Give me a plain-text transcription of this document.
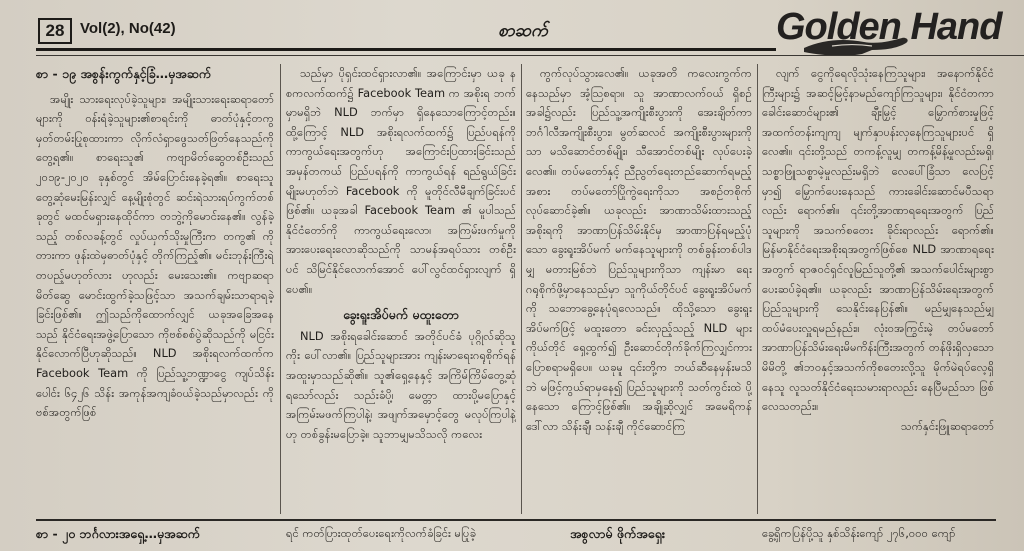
28	Vol(2), No(42)	စာဆက်	Golden Hand

စာ - ၁၉ အစွန်းကွက်နှင့်ခြံ…မှအဆက်

အမျိုး သားရေးလုပ်ခဲ့သူများ၊ အမျိုးသားရေးဆရာတော်များကို ဝန်းရံခဲ့သူများ၏စာရင်းကို ဓာတ်ပုံနှင့်တကွ မှတ်တမ်းပြုစုထားကာ လိုက်လံရှာဖွေသတ်ဖြတ်နေသည်ကို တွေ့ရ၏။ စာရေးသူ၏ ကဗျာမိတ်ဆွေတစ်ဦးသည် ၂၀၁၉-၂၀၂၀ ခုနှစ်တွင် အိမ်ပြောင်းနေခဲ့ရ၏။ စာရေးသူ တွေ့ဆုံမေးမြန်းလျှင် နေ့မျိုးစုံတွင် ဆင်းရဲသားရပ်ကွက်တစ်ခုတွင် မထင်မရှားနေထိုင်ကာ တဘွဲ့ကိုမောင်းနေ၏။ လွန်ခဲ့သည့် တစ်လခန့်တွင် လှုပ်ယှက်သိုးမှုကြီးက တကွ၏ ကိုတားကာ ဖုန်းထဲမှဓာတ်ပုံနှင့် တိုက်ကြည့်၏။ မင်းဘုန်းကြီးရဲ့ တပည့်မဟုတ်လား ဟုလည်း မေးသေး၏။ ကဗျာဆရာမိတ်ဆွေ မောင်းထွက်ခဲ့သဖြင့်သာ အသက်ချမ်းသာရာရခဲ့ခြင်းဖြစ်၏။ ဤသည်ကိုထောက်လျှင် ယခုအခြေအနေသည် နိုင်ငံရေးအဖွဲ့ပြောသော ကိုဗစ်စစ်ပွဲဆိုသည်ကို မငြင်းနိုင်လောက်ပြီဟုဆိုသည်။ NLD အစိုးရလက်ထက်က Facebook Team ကို ပြည်သူ့ဘဏ္ဍာငွေ ကျပ်သိန်းပေါင်း ၆၄၂၆ သိန်း အကုန်အကျခံဝယ်ခဲ့သည်မှာလည်း ကိုဗစ်အတွက်ဖြစ်

သည်မှာ ပိုရှင်းထင်ရှားလာ၏။ အကြောင်းမှာ ယခု နစကလက်ထက်၌ Facebook Team က အစိုးရ ဘက်မှာမရှိဘဲ NLD ဘက်မှာ ရှိနေသောကြောင့်တည်း။ ထို့ကြောင့် NLD အစိုးရလက်ထက်၌ ပြည်ပရန်ကို ကာကွယ်ရေးအတွက်ဟု အကြောင်းပြထားခြင်းသည် အမှန်တကယ် ပြည်ပရန်ကို ကာကွယ်ရန် ရည်ရွယ်ခြင်းမျိုးမဟုတ်ဘဲ Facebook ကို မူတိုင်လီမီချက်ခြင်းပင်ဖြစ်၏။ ယခုအခါ Facebook Team ၏ မူပါသည် နိုင်ငံတော်ကို ကာကွယ်ရေးလော၊ အကြမ်းဖက်မှုကို အားပေးရေးလောဆိုသည်ကို သာမန်အရပ်သား တစ်ဦးပင် သိမြင်နိုင်လောက်အောင် ပေါ်လွင်ထင်ရှားလျက် ရှိပေ၏။

ခွေးရူးအိပ်မက် မထူးတော

NLD အစိုးရခေါင်းဆောင် အတိုင်ပင်ခံ ပုဂ္ဂိုလ်ဆိုသူကိုး ပေါ်လာ၏။ ပြည်သူများအား ကျန်းမာရေးဂရုစိုက်ရန် အထူးမှာသည်ဆို၏။ သူ၏ရှေ့နေနှင့် အကြိမ်ကြိမ်တွေ့ဆုံ ရသော်လည်း သည်းခံပို့၊ မေတ္တာ ထားပို့မပြောနှင့် အကြမ်းမဖက်ကြပါနဲ့၊ အဖျက်အမှောင့်တွေ မလုပ်ကြပါနဲ့ ဟု တစ်ခွန်းမပြောခဲ့။ သူဘာမျှမသိသလို ကလေး

ကွက်လုပ်သွားလေ၏။ ယခုအတိ ကလေးကွက်ကနေသည်မှာ အံ့သြစရာ။ သူ အာဏာလက်ဝယ် ရှိစဉ်အခါ၌လည်း ပြည်သူ့အကျိုးစီးပွားကို အေးချိတ်ကာ ဘင်္ဂါလီအကျိုးစီးပွား၊ မွတ်ဆလင် အကျိုးစီးပွားများကိုသာ မသိဆောင်တစ်မျိုး၊ သီအောင်တစ်မျိုး လုပ်ပေးခဲ့လေ၏။ တပ်မတော်နှင့် ညီညွတ်ရေးတည်ဆောက်ရမည့်အစား တပ်မတော်ပြိုကွဲရေးကိုသာ အစဉ်တစိုက် လုပ်ဆောင်ခဲ့၏။ ယခုလည်း အာဏာသိမ်းထားသည့်အစိုးရကို အာဏာပြန်သိမ်းနိုင်မှ အာဏာပြန်ရမည့်ပုံသော ခွေးရူးအိပ်မက် မက်နေသူများကို တစ်ခွန်းတစ်ပါဒမျှ မတားမြစ်ဘဲ ပြည်သူများကိုသာ ကျန်းမာ ရေးဂရုစိုက်ဖို့မှာနေသည်မှာ သူကိုယ်တိုင်ပင် ခွေးရူးအိပ်မက်ကို သဘောခွေ့နေပုံရလေသည်။ ထိုသို့သော ခွေးရူးအိပ်မက်ဖြင့် မထူးတော ခင်းလှည့်သည့် NLD များကိုယ်တိုင် ရှေ့ထွက်၍ ဦးဆောင်တိုက်ခိုက်ကြလျှင်ကား ပြောစရာမရှိပေ။ ယခုမူ ၎င်းတို့က ဘယ်ဆီနေမှန်းမသိဘဲ မဖြင့်ကွယ်ရာမှနေ၍ ပြည်သူများကို သတ်ကွင်းထဲ ပို့နေသော ကြောင့်ဖြစ်၏။ အချို့ဆိုလျှင် အမေရိကန်ဒေါ်လာ သိန်းချီ၊ သန်းချီ ကိုင်ဆောင်ကြ

လျက် ငွေကိုရေလိုသုံးနေကြသူများ၊ အနောက်နိုင်ငံကြီးများ၌ အဆင့်မြင့်နာမည်ကျော်ကြသူများ၊ နိုင်ငံတကာခေါင်းဆောင်များ၏ ချီးမြှင့် မြှောက်စားမှုဖြင့် အထက်တန်းကျကျ မျက်နှာပန်းလှနေကြသူများပင် ရှိလေ၏။ ၎င်းတို့သည် တကန့်လူမျှ တကန့်မိန့်မှုလည်းမရှိ၊ သစ္စာဖြူသစ္စာမဲ့မှုလည်းမရှိဘဲ လေပေါ်ခြံသာ လေပြင့်မှာ၍ မြှောက်ပေးနေသည် ကားခေါင်းဆောင်မပီသရာလည်း ရောက်၏။ ၎င်းတို့အာဏာရရေးအတွက် ပြည်သူများကို အသက်စတေး ခိုင်းရာလည်း ရောက်၏။ မြန်မာနိုင်ငံရေးအစိုးရအတွက်ဖြစ်စေ NLD အာဏာရရေးအတွက် ရာဇဝင်ရှင်လူမြည်သူတို့၏ အသက်ပေါင်းများစွာ ပေးဆပ်ခဲ့ရ၏။ ယခုလည်း အာဏာပြန်သိမ်းရေးအတွက် ပြည်သူများကို သေနိုင်းနေပြန်၏။ မည်မျှနေသည်မျှ ထပ်မံပေးလှူရမည်နည်း။ လုံးဝအကြွင်းမဲ့ တပ်မတော်အာဏာပြန်သိမ်းရေးမိမကိန်းကြီးအတွက် တန်ဖိုးရှိလှသော မိမိတို့ ၏ဘဝနှင့်အသက်ကိုစတေးလို့သူ မိုက်မဲရပ်လေ့ရှိနေသူ လူသတ်နိုင်ငံရေးသမားရာလည်း နေပြီမည်သာ ဖြစ်လေသတည်း။

သက်နှင်းဖြူဆရာတော်

စာ - ၂၀ ဘင်္ဂလားအရှေ့…မှအဆက်	ရင် ကတ်ပြားထုတ်ပေးရေးကိုလက်ခံခြင်း မပြုခဲ့	အစွလာမ် ဖိုက်အရှေး	ခွေ့ရှိကပြန်ပို့သူ နှစ်သိန်းကျော် ၂၇၆,၀၀၀ ကျော်
